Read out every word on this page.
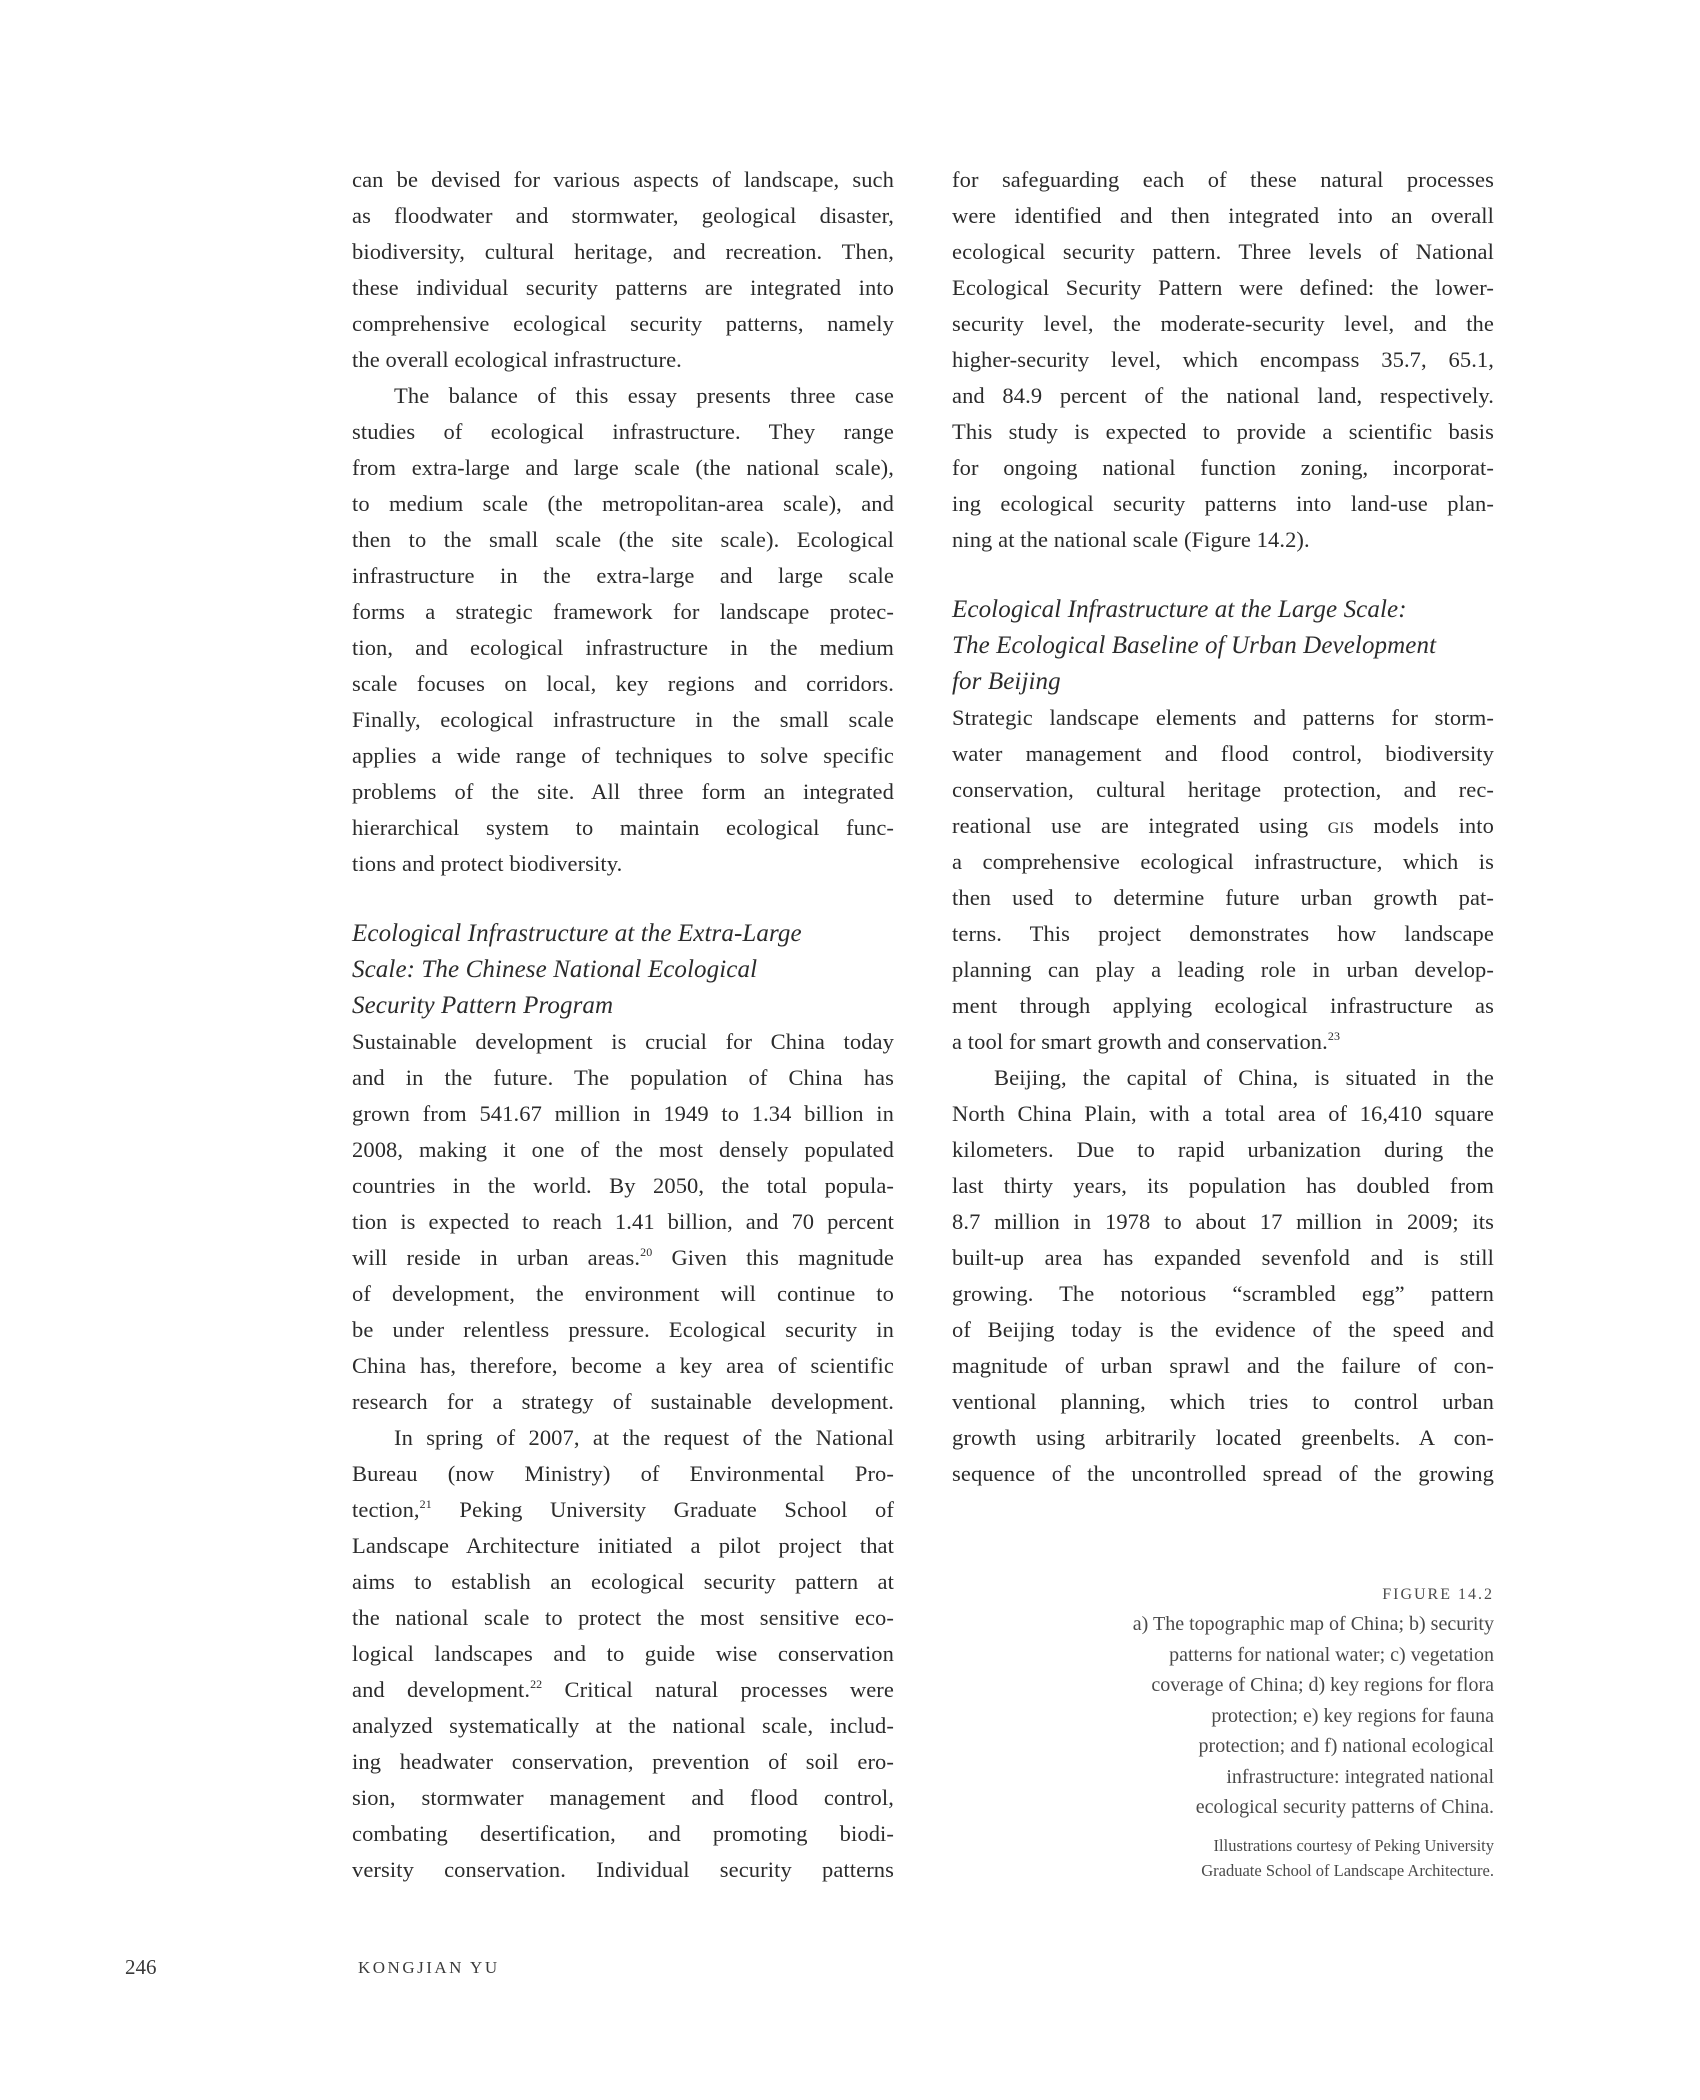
can be devised for various aspects of landscape, such
as floodwater and stormwater, geological disaster,
biodiversity, cultural heritage, and recreation. Then,
these individual security patterns are integrated into
comprehensive ecological security patterns, namely
the overall ecological infrastructure.
The balance of this essay presents three case
studies of ecological infrastructure. They range
from extra-large and large scale (the national scale),
to medium scale (the metropolitan-area scale), and
then to the small scale (the site scale). Ecological
infrastructure in the extra-large and large scale
forms a strategic framework for landscape protec-
tion, and ecological infrastructure in the medium
scale focuses on local, key regions and corridors.
Finally, ecological infrastructure in the small scale
applies a wide range of techniques to solve specific
problems of the site. All three form an integrated
hierarchical system to maintain ecological func-
tions and protect biodiversity.
Ecological Infrastructure at the Extra-Large
Scale: The Chinese National Ecological
Security Pattern Program
Sustainable development is crucial for China today
and in the future. The population of China has
grown from 541.67 million in 1949 to 1.34 billion in
2008, making it one of the most densely populated
countries in the world. By 2050, the total popula-
tion is expected to reach 1.41 billion, and 70 percent
will reside in urban areas.$^{20}$ Given this magnitude
of development, the environment will continue to
be under relentless pressure. Ecological security in
China has, therefore, become a key area of scientific
research for a strategy of sustainable development.
In spring of 2007, at the request of the National
Bureau (now Ministry) of Environmental Pro-
tection,$^{21}$ Peking University Graduate School of
Landscape Architecture initiated a pilot project that
aims to establish an ecological security pattern at
the national scale to protect the most sensitive eco-
logical landscapes and to guide wise conservation
and development.$^{22}$ Critical natural processes were
analyzed systematically at the national scale, includ-
ing headwater conservation, prevention of soil ero-
sion, stormwater management and flood control,
combating desertification, and promoting biodi-
versity conservation. Individual security patterns
for safeguarding each of these natural processes
were identified and then integrated into an overall
ecological security pattern. Three levels of National
Ecological Security Pattern were defined: the lower-
security level, the moderate-security level, and the
higher-security level, which encompass 35.7, 65.1,
and 84.9 percent of the national land, respectively.
This study is expected to provide a scientific basis
for ongoing national function zoning, incorporat-
ing ecological security patterns into land-use plan-
ning at the national scale (Figure 14.2).
Ecological Infrastructure at the Large Scale:
The Ecological Baseline of Urban Development
for Beijing
Strategic landscape elements and patterns for storm-
water management and flood control, biodiversity
conservation, cultural heritage protection, and rec-
reational use are integrated using gis models into
a comprehensive ecological infrastructure, which is
then used to determine future urban growth pat-
terns. This project demonstrates how landscape
planning can play a leading role in urban develop-
ment through applying ecological infrastructure as
a tool for smart growth and conservation.$^{23}$
Beijing, the capital of China, is situated in the
North China Plain, with a total area of 16,410 square
kilometers. Due to rapid urbanization during the
last thirty years, its population has doubled from
8.7 million in 1978 to about 17 million in 2009; its
built-up area has expanded sevenfold and is still
growing. The notorious “scrambled egg” pattern
of Beijing today is the evidence of the speed and
magnitude of urban sprawl and the failure of con-
ventional planning, which tries to control urban
growth using arbitrarily located greenbelts. A con-
sequence of the uncontrolled spread of the growing
FIGURE 14.2
a) The topographic map of China; b) security
patterns for national water; c) vegetation
coverage of China; d) key regions for flora
protection; e) key regions for fauna
protection; and f) national ecological
infrastructure: integrated national
ecological security patterns of China.
Illustrations courtesy of Peking University
Graduate School of Landscape Architecture.
246	KONGJIAN YU
